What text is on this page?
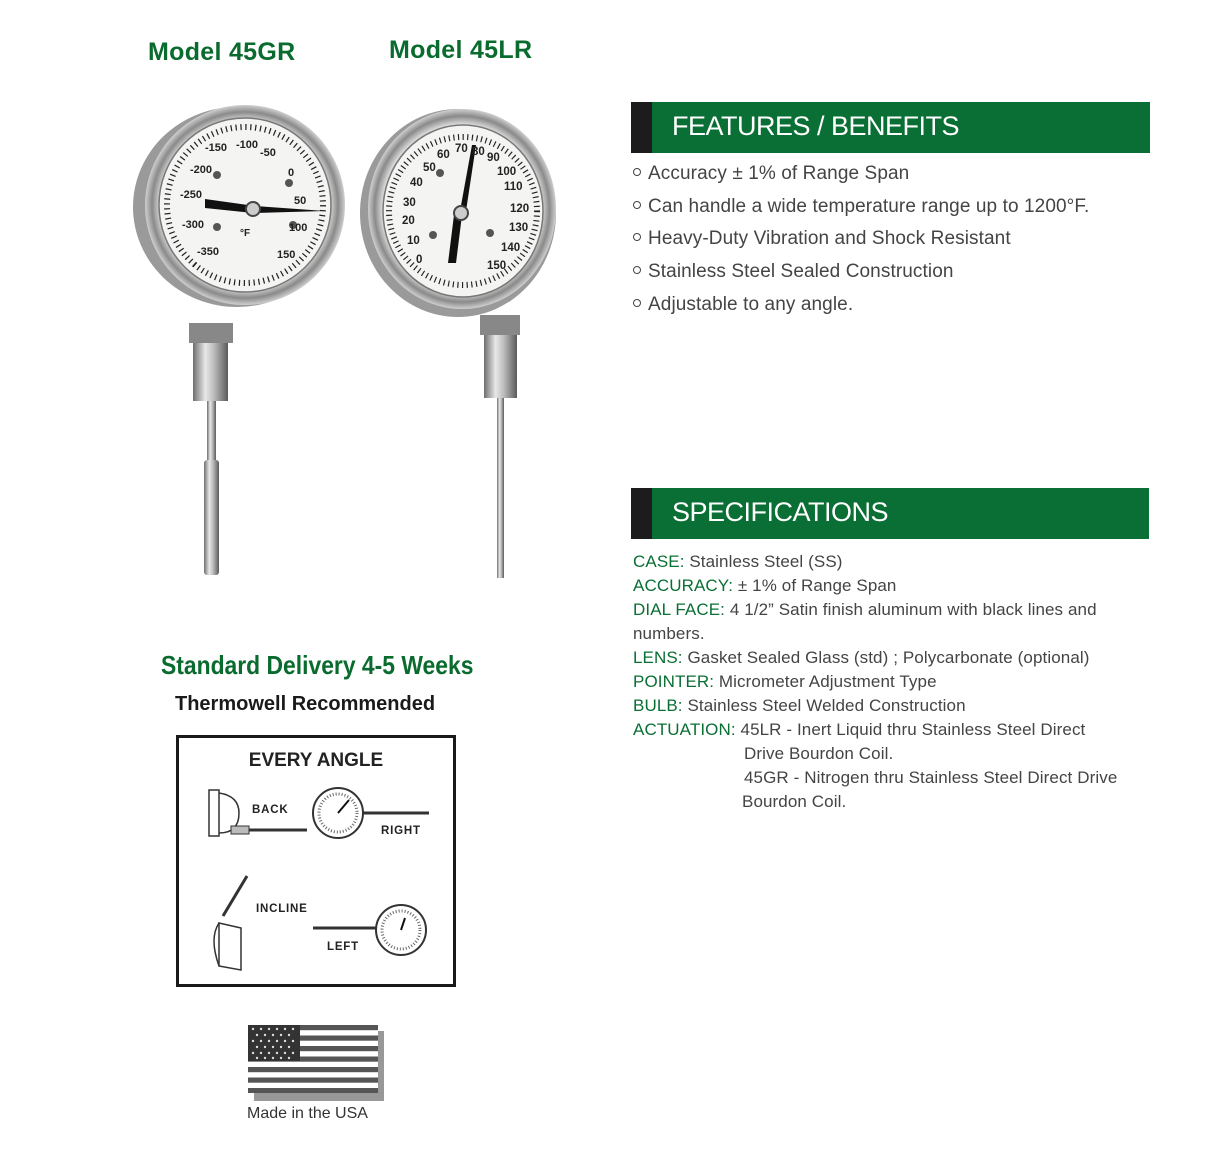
Model 45GR	Model 45LR
-150 -100
-50
-200	0
-250	50
-300	100
-350	150
°F
60 70 80 90
50	100
40	110
30	120
20
130
10
140
0	150
FEATURES / BENEFITS
Accuracy ± 1% of Range Span
Can handle a wide temperature range up to 1200°F.
Heavy-Duty Vibration and Shock Resistant
Stainless Steel Sealed Construction
Adjustable to any angle.
SPECIFICATIONS
CASE: Stainless Steel (SS)
ACCURACY: ± 1% of Range Span
DIAL FACE: 4 1/2” Satin finish aluminum with black lines and
numbers.
LENS: Gasket Sealed Glass (std) ; Polycarbonate (optional)
POINTER: Micrometer Adjustment Type
BULB: Stainless Steel Welded Construction
ACTUATION: 45LR - Inert Liquid thru Stainless Steel Direct
Drive Bourdon Coil.
45GR - Nitrogen thru Stainless Steel Direct Drive
Bourdon Coil.
Standard Delivery 4-5 Weeks
Thermowell Recommended
EVERY ANGLE
BACK
RIGHT
INCLINE
LEFT
Made in the USA
